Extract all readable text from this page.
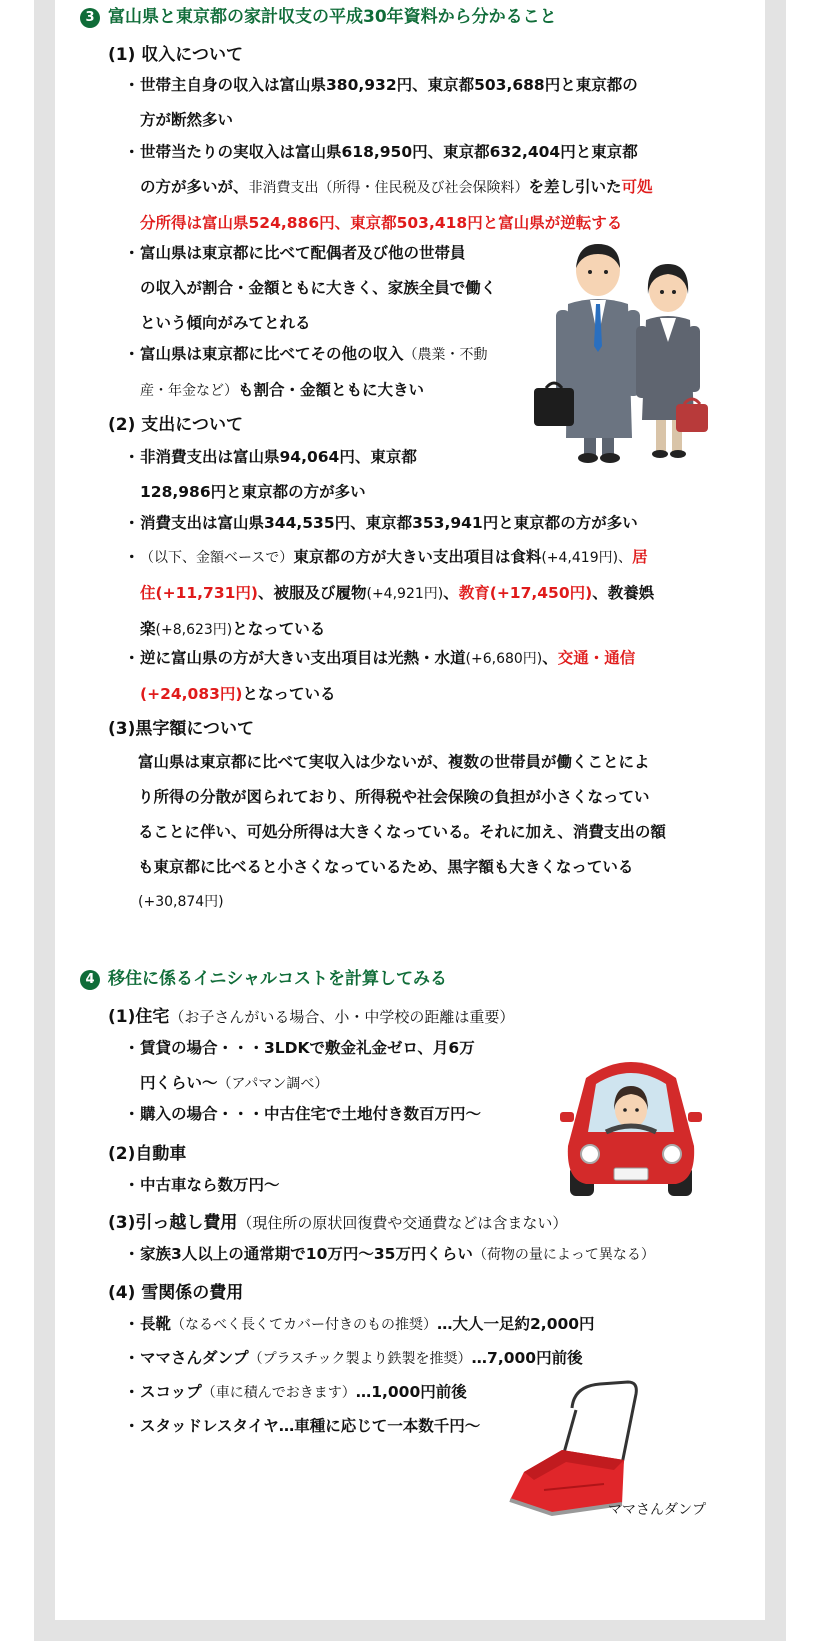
3 富山県と東京都の家計収支の平成30年資料から分かること
(1) 収入について
・ 世帯主自身の収入は富山県380,932円、東京都503,688円と東京都の
方が断然多い
・ 世帯当たりの実収入は富山県618,950円、東京都632,404円と東京都
の方が多いが、非消費支出（所得・住民税及び社会保険料）を差し引いた可処
分所得は富山県524,886円、東京都503,418円と富山県が逆転する
・ 富山県は東京都に比べて配偶者及び他の世帯員
の収入が割合・金額ともに大きく、家族全員で働く
という傾向がみてとれる
・ 富山県は東京都に比べてその他の収入（農業・不動
産・年金など）も割合・金額ともに大きい
(2) 支出について
・ 非消費支出は富山県94,064円、東京都
128,986円と東京都の方が多い
・ 消費支出は富山県344,535円、東京都353,941円と東京都の方が多い
・ （以下、金額ベースで）東京都の方が大きい支出項目は食料(+4,419円)、居
住(+11,731円)、被服及び履物(+4,921円)、教育(+17,450円)、教養娯
楽(+8,623円)となっている
・ 逆に富山県の方が大きい支出項目は光熱・水道(+6,680円)、交通・通信
(+24,083円)となっている
(3)黒字額について
富山県は東京都に比べて実収入は少ないが、複数の世帯員が働くことによ
り所得の分散が図られており、所得税や社会保険の負担が小さくなってい
ることに伴い、可処分所得は大きくなっている。それに加え、消費支出の額
も東京都に比べると小さくなっているため、黒字額も大きくなっている
(+30,874円)
4 移住に係るイニシャルコストを計算してみる
(1)住宅（お子さんがいる場合、小・中学校の距離は重要）
・ 賃貸の場合・・・3LDKで敷金礼金ゼロ、月6万
円くらい〜（アパマン調べ）
・ 購入の場合・・・中古住宅で土地付き数百万円〜
(2)自動車
・ 中古車なら数万円〜
(3)引っ越し費用（現住所の原状回復費や交通費などは含まない）
・ 家族3人以上の通常期で10万円〜35万円くらい（荷物の量によって異なる）
(4) 雪関係の費用
・ 長靴（なるべく長くてカバー付きのもの推奨）…大人一足約2,000円
・ ママさんダンプ（プラスチック製より鉄製を推奨）…7,000円前後
・ スコップ（車に積んでおきます）…1,000円前後
・ スタッドレスタイヤ…車種に応じて一本数千円〜
ママさんダンプ
